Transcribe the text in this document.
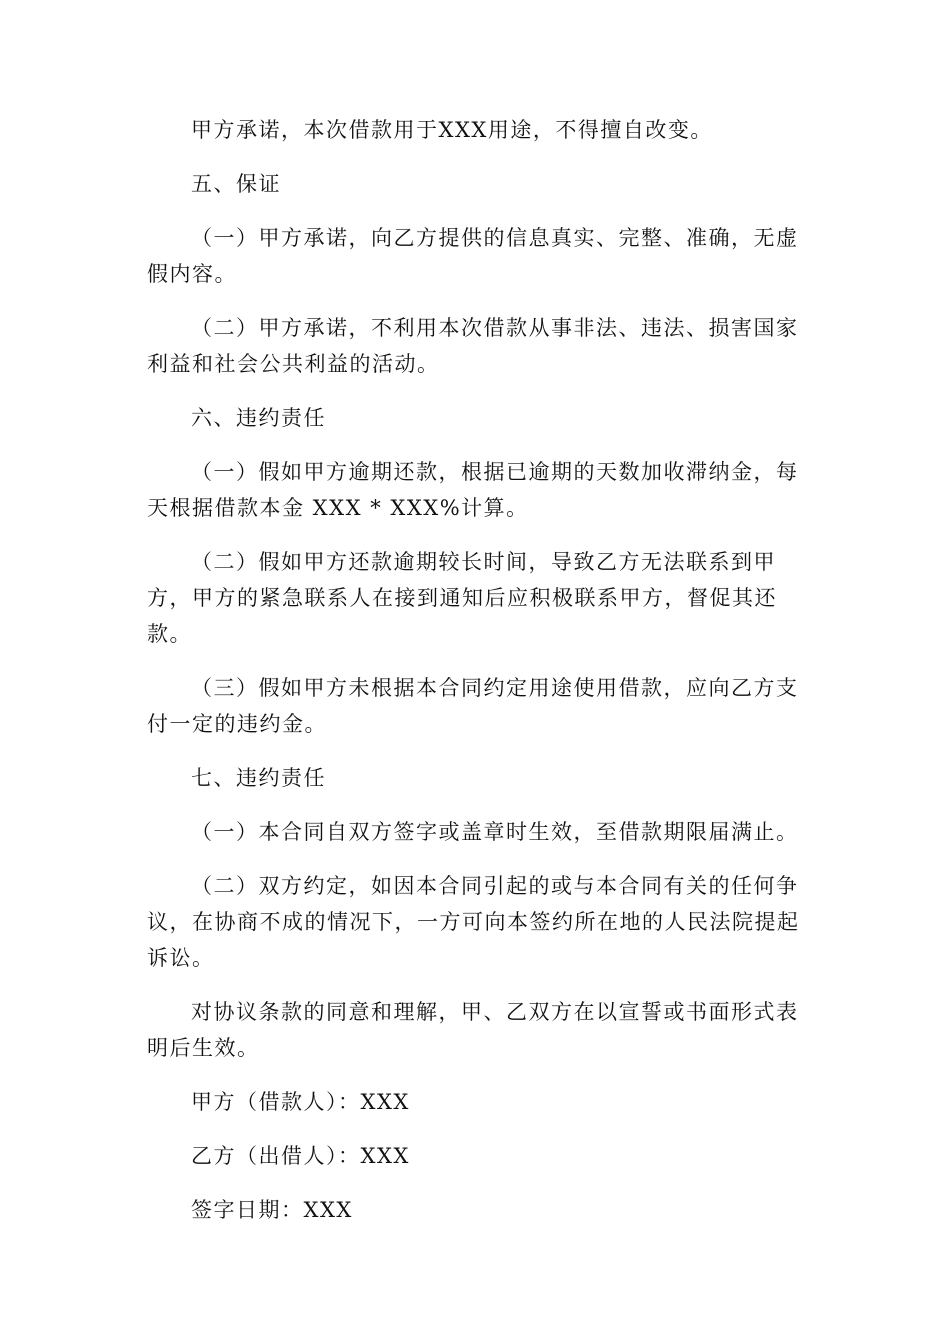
甲方承诺，本次借款用于XXX用途，不得擅自改变。

五、保证

（一）甲方承诺，向乙方提供的信息真实、完整、准确，无虚假内容。

（二）甲方承诺，不利用本次借款从事非法、违法、损害国家利益和社会公共利益的活动。

六、违约责任

（一）假如甲方逾期还款，根据已逾期的天数加收滞纳金，每天根据借款本金 XXX * XXX%计算。

（二）假如甲方还款逾期较长时间，导致乙方无法联系到甲方，甲方的紧急联系人在接到通知后应积极联系甲方，督促其还款。

（三）假如甲方未根据本合同约定用途使用借款，应向乙方支付一定的违约金。

七、违约责任

（一）本合同自双方签字或盖章时生效，至借款期限届满止。

（二）双方约定，如因本合同引起的或与本合同有关的任何争议，在协商不成的情况下，一方可向本签约所在地的人民法院提起诉讼。

对协议条款的同意和理解，甲、乙双方在以宣誓或书面形式表明后生效。

甲方（借款人）：XXX

乙方（出借人）：XXX

签字日期：XXX
